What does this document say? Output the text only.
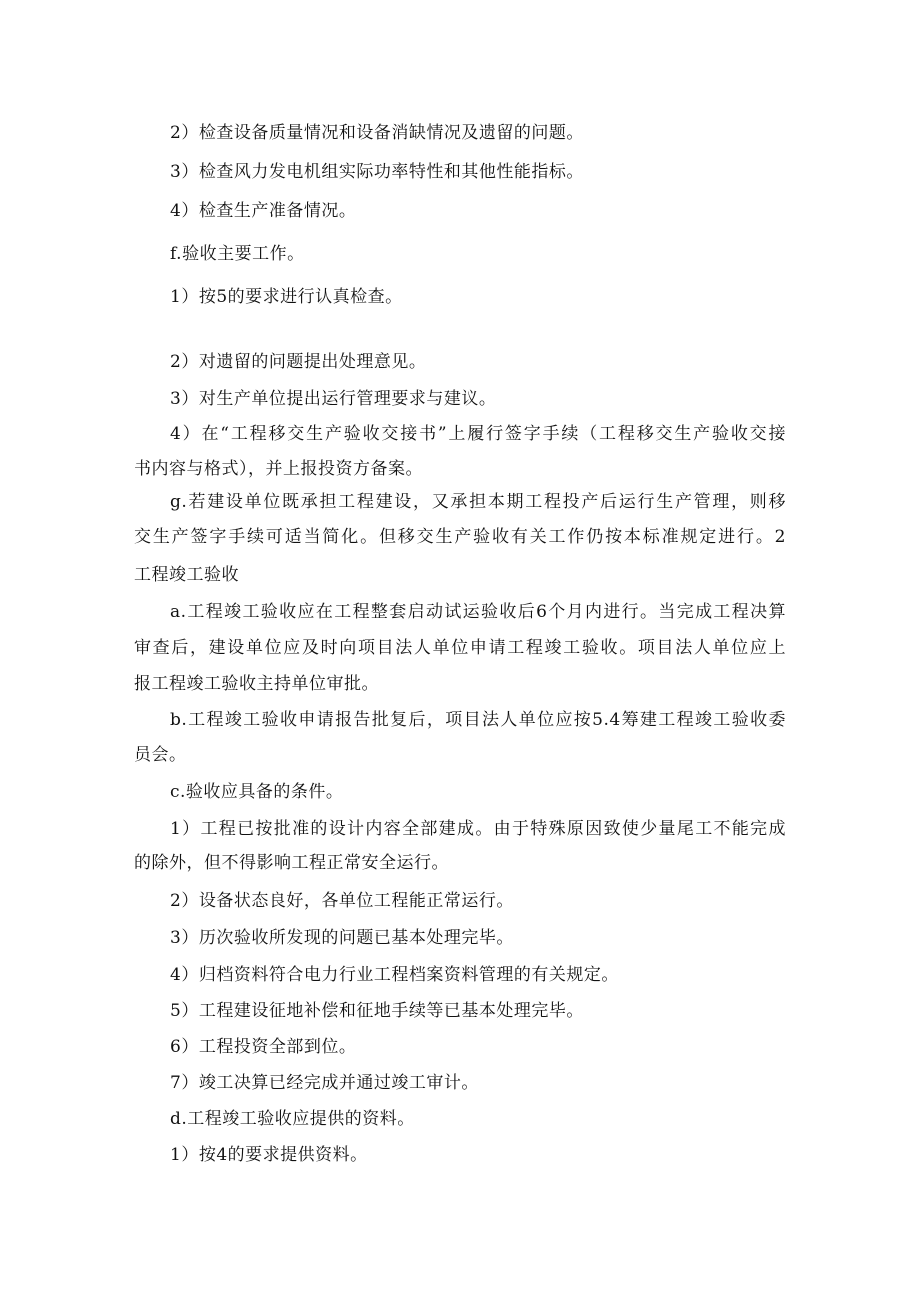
2）检查设备质量情况和设备消缺情况及遗留的问题。
3）检查风力发电机组实际功率特性和其他性能指标。
4）检查生产准备情况。
f.验收主要工作。
1）按5的要求进行认真检查。
2）对遗留的问题提出处理意见。
3）对生产单位提出运行管理要求与建议。
4）在“工程移交生产验收交接书”上履行签字手续（工程移交生产验收交接
书内容与格式），并上报投资方备案。
g.若建设单位既承担工程建设，又承担本期工程投产后运行生产管理，则移
交生产签字手续可适当简化。但移交生产验收有关工作仍按本标准规定进行。2
工程竣工验收
a.工程竣工验收应在工程整套启动试运验收后6个月内进行。当完成工程决算
审查后，建设单位应及时向项目法人单位申请工程竣工验收。项目法人单位应上
报工程竣工验收主持单位审批。
b.工程竣工验收申请报告批复后，项目法人单位应按5.4筹建工程竣工验收委
员会。
c.验收应具备的条件。
1）工程已按批准的设计内容全部建成。由于特殊原因致使少量尾工不能完成
的除外，但不得影响工程正常安全运行。
2）设备状态良好，各单位工程能正常运行。
3）历次验收所发现的问题已基本处理完毕。
4）归档资料符合电力行业工程档案资料管理的有关规定。
5）工程建设征地补偿和征地手续等已基本处理完毕。
6）工程投资全部到位。
7）竣工决算已经完成并通过竣工审计。
d.工程竣工验收应提供的资料。
1）按4的要求提供资料。
